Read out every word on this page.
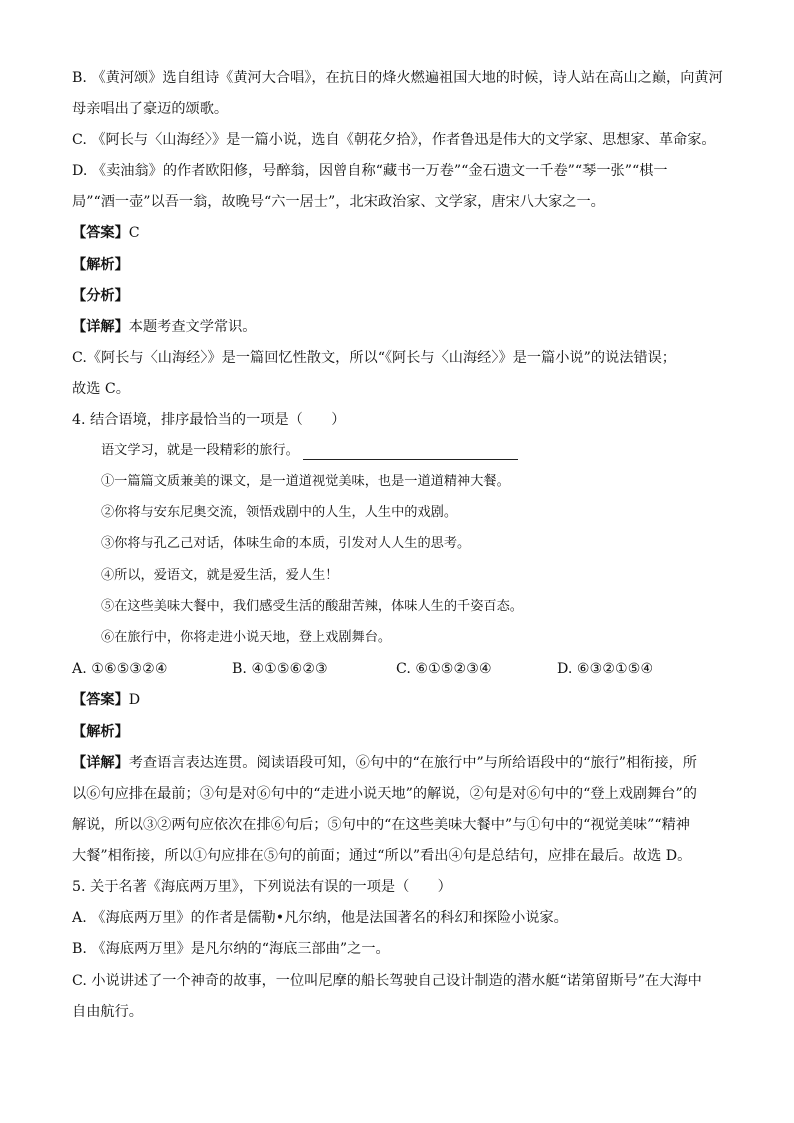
B. 《黄河颂》选自组诗《黄河大合唱》，在抗日的烽火燃遍祖国大地的时候，诗人站在高山之巅，向黄河
母亲唱出了豪迈的颂歌。
C. 《阿长与〈山海经〉》是一篇小说，选自《朝花夕拾》，作者鲁迅是伟大的文学家、思想家、革命家。
D. 《卖油翁》的作者欧阳修，号醉翁，因曾自称“藏书一万卷”“金石遗文一千卷”“琴一张”“棋一
局”“酒一壶”以吾一翁，故晚号“六一居士”，北宋政治家、文学家，唐宋八大家之一。
【答案】C
【解析】
【分析】
【详解】本题考查文学常识。
C.《阿长与〈山海经〉》是一篇回忆性散文，所以“《阿长与〈山海经〉》是一篇小说”的说法错误；
故选 C。
4. 结合语境，排序最恰当的一项是（　　）
语文学习，就是一段精彩的旅行。
①一篇篇文质兼美的课文，是一道道视觉美味，也是一道道精神大餐。
②你将与安东尼奥交流，领悟戏剧中的人生，人生中的戏剧。
③你将与孔乙己对话，体味生命的本质，引发对人人生的思考。
④所以，爱语文，就是爱生活，爱人生！
⑤在这些美味大餐中，我们感受生活的酸甜苦辣，体味人生的千姿百态。
⑥在旅行中，你将走进小说天地，登上戏剧舞台。
A. ①⑥⑤③②④	B. ④①⑤⑥②③	C. ⑥①⑤②③④	D. ⑥③②①⑤④
【答案】D
【解析】
【详解】考查语言表达连贯。阅读语段可知，⑥句中的“在旅行中”与所给语段中的“旅行”相衔接，所
以⑥句应排在最前；③句是对⑥句中的“走进小说天地”的解说，②句是对⑥句中的“登上戏剧舞台”的
解说，所以③②两句应依次在排⑥句后；⑤句中的“在这些美味大餐中”与①句中的“视觉美味”“精神
大餐”相衔接，所以①句应排在⑤句的前面；通过“所以”看出④句是总结句，应排在最后。故选 D。
5. 关于名著《海底两万里》，下列说法有误的一项是（　　）
A. 《海底两万里》的作者是儒勒•凡尔纳，他是法国著名的科幻和探险小说家。
B. 《海底两万里》是凡尔纳的“海底三部曲”之一。
C. 小说讲述了一个神奇的故事，一位叫尼摩的船长驾驶自己设计制造的潜水艇“诺第留斯号”在大海中
自由航行。
